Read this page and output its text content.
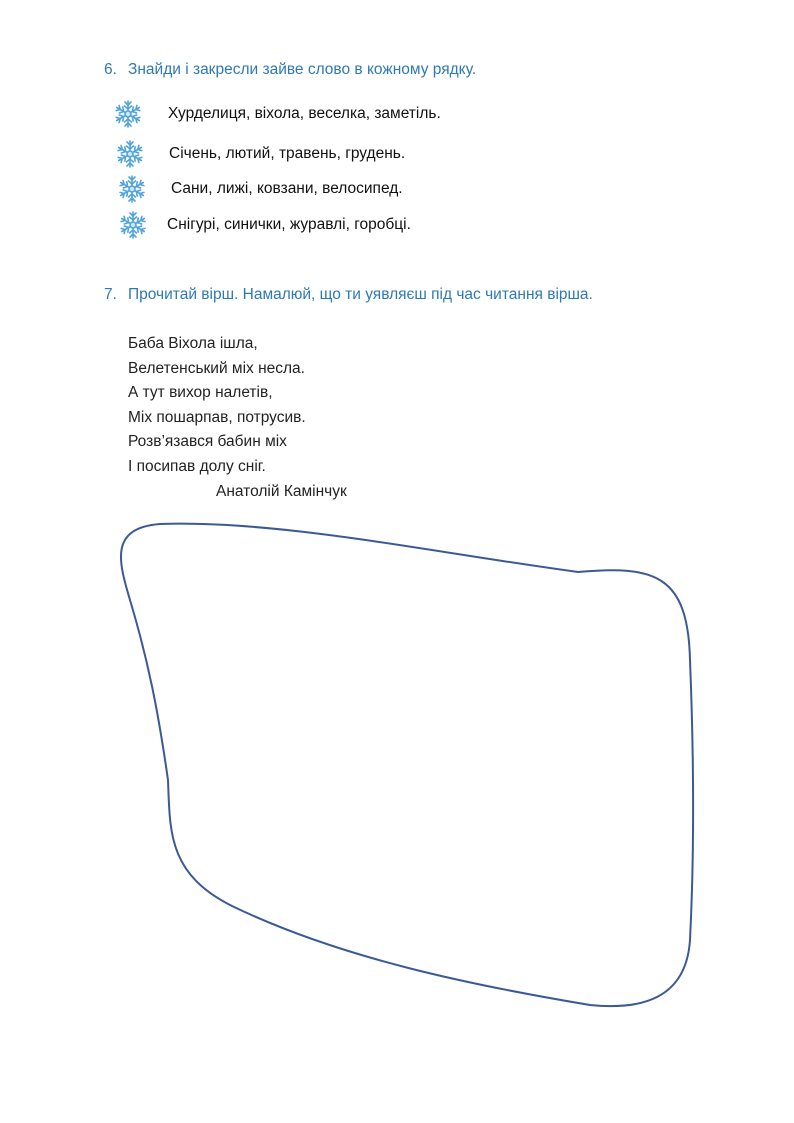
6. Знайди і закресли зайве слово в кожному рядку.
Хурделиця, віхола, веселка, заметіль.
Січень, лютий, травень, грудень.
Сани, лижі, ковзани, велосипед.
Снігурі, синички, журавлі, горобці.
7. Прочитай вірш. Намалюй, що ти уявляєш під час читання вірша.
Баба Віхола ішла,
Велетенський міх несла.
А тут вихор налетів,
Міх пошарпав, потрусив.
Розв’язався бабин міх
І посипав долу сніг.
Анатолій Камінчук
